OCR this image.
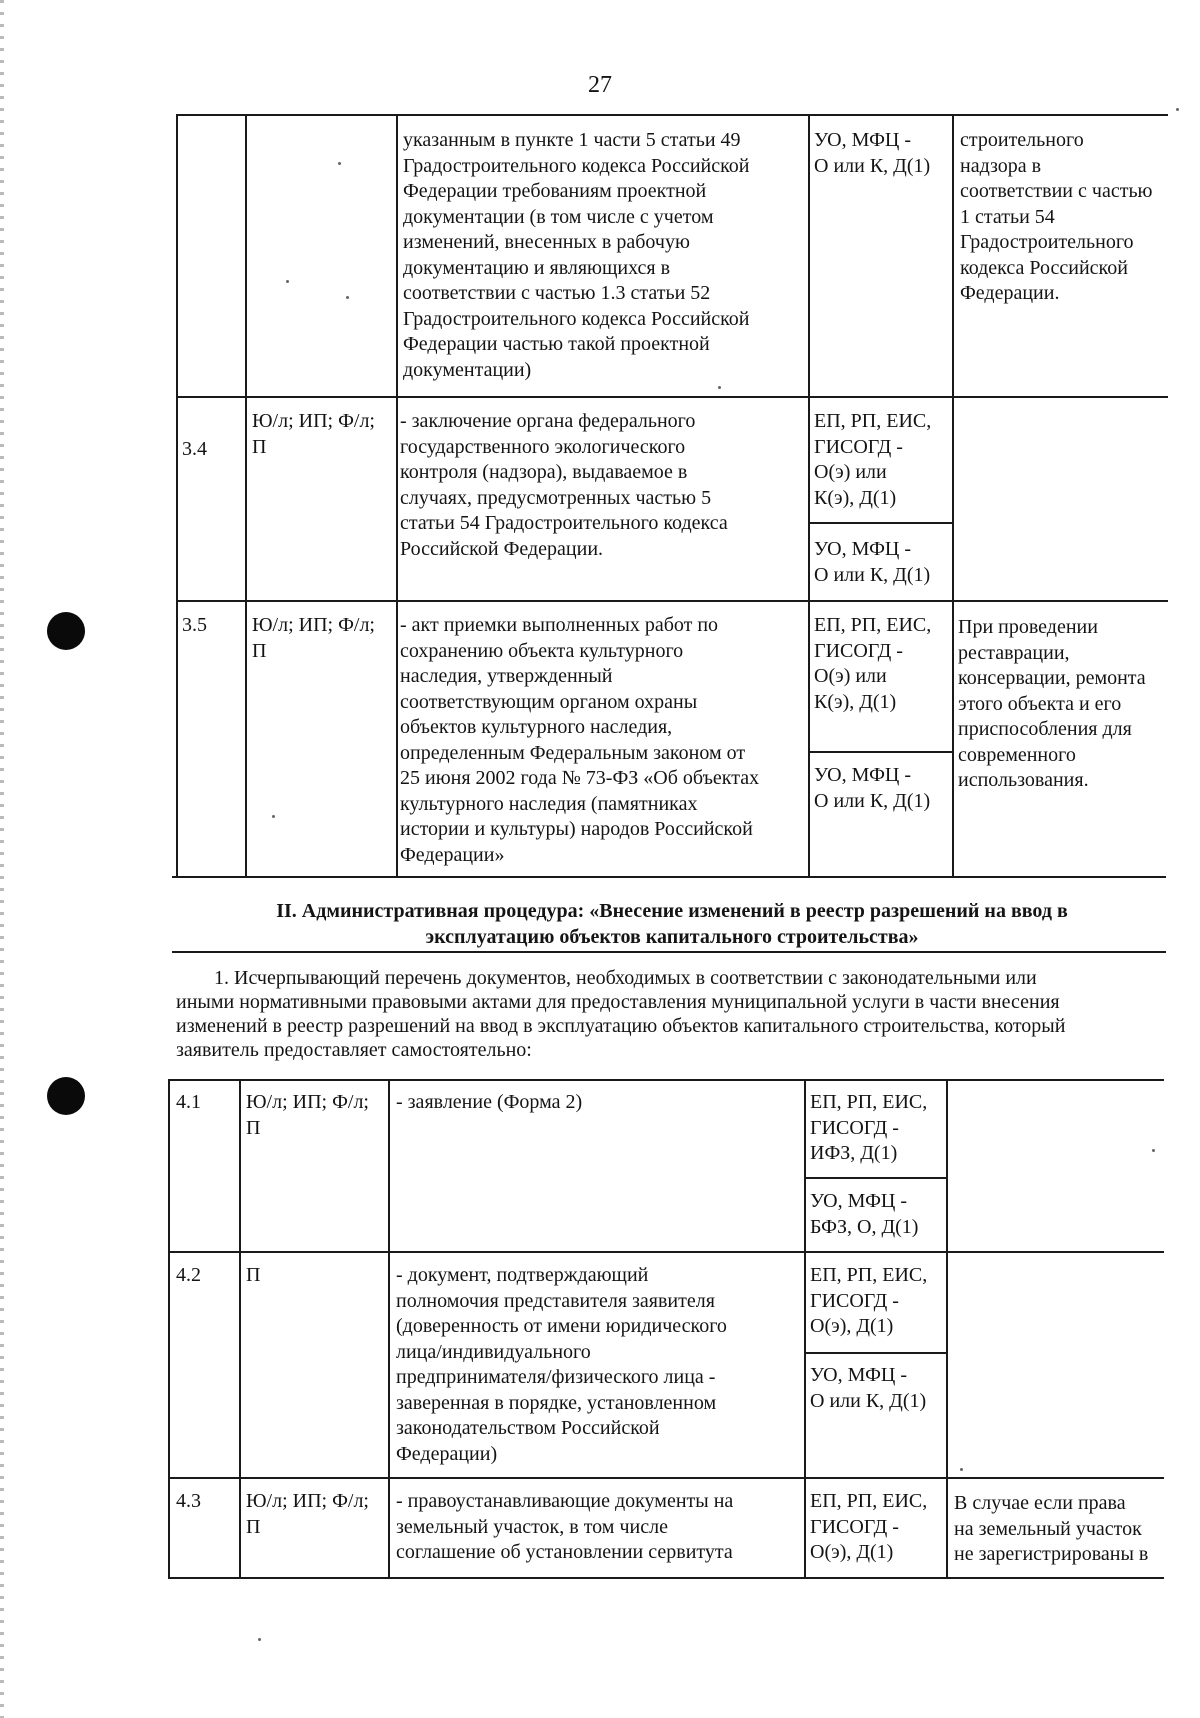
27
указанным в пункте 1 части 5 статьи 49
Градостроительного кодекса Российской
Федерации требованиям проектной
документации (в том числе с учетом
изменений, внесенных в рабочую
документацию и являющихся в
соответствии с частью 1.3 статьи 52
Градостроительного кодекса Российской
Федерации частью такой проектной
документации)
УО, МФЦ -
О или К, Д(1)
строительного
надзора в
соответствии с частью
1 статьи 54
Градостроительного
кодекса Российской
Федерации.
3.4
Ю/л; ИП; Ф/л;
П
- заключение органа федерального
государственного экологического
контроля (надзора), выдаваемое в
случаях, предусмотренных частью 5
статьи 54 Градостроительного кодекса
Российской Федерации.
ЕП, РП, ЕИС,
ГИСОГД -
О(э) или
К(э), Д(1)
УО, МФЦ -
О или К, Д(1)
3.5 Ю/л; ИП; Ф/л;
П
- акт приемки выполненных работ по
сохранению объекта культурного
наследия, утвержденный
соответствующим органом охраны
объектов культурного наследия,
определенным Федеральным законом от
25 июня 2002 года № 73-ФЗ «Об объектах
культурного наследия (памятниках
истории и культуры) народов Российской
Федерации»
ЕП, РП, ЕИС,
ГИСОГД -
О(э) или
К(э), Д(1)
УО, МФЦ -
О или К, Д(1)
При проведении
реставрации,
консервации, ремонта
этого объекта и его
приспособления для
современного
использования.
II. Административная процедура: «Внесение изменений в реестр разрешений на ввод в
эксплуатацию объектов капитального строительства»
1. Исчерпывающий перечень документов, необходимых в соответствии с законодательными или
иными нормативными правовыми актами для предоставления муниципальной услуги в части внесения
изменений в реестр разрешений на ввод в эксплуатацию объектов капитального строительства, который
заявитель предоставляет самостоятельно:
4.1 Ю/л; ИП; Ф/л;
П
- заявление (Форма 2)	ЕП, РП, ЕИС,
ГИСОГД -
ИФЗ, Д(1)
УО, МФЦ -
БФЗ, О, Д(1)
4.2 П	- документ, подтверждающий
полномочия представителя заявителя
(доверенность от имени юридического
лица/индивидуального
предпринимателя/физического лица -
заверенная в порядке, установленном
законодательством Российской
Федерации)
ЕП, РП, ЕИС,
ГИСОГД -
О(э), Д(1)
УО, МФЦ -
О или К, Д(1)
4.3 Ю/л; ИП; Ф/л;
П
- правоустанавливающие документы на
земельный участок, в том числе
соглашение об установлении сервитута
ЕП, РП, ЕИС,
ГИСОГД -
О(э), Д(1)
В случае если права
на земельный участок
не зарегистрированы в
